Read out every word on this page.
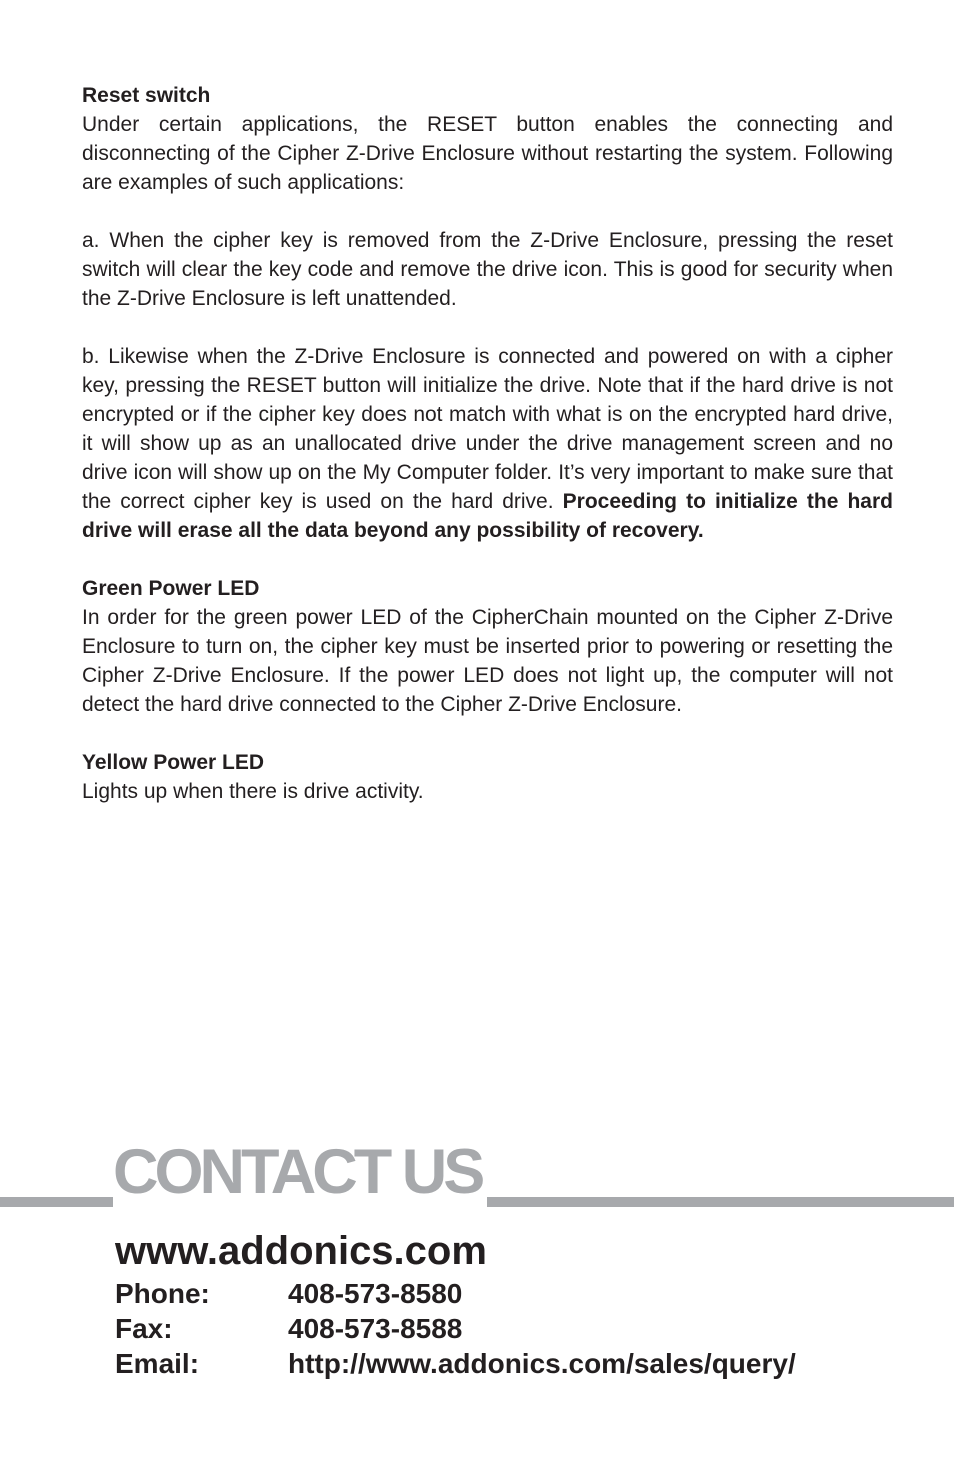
Reset switch

Under certain applications, the RESET button enables the connecting and disconnecting of the Cipher Z-Drive Enclosure without restarting the system. Following are examples of such applications:

a. When the cipher key is removed from the Z-Drive Enclosure, pressing the reset switch will clear the key code and remove the drive icon. This is good for security when the Z-Drive Enclosure is left unattended.

b. Likewise when the Z-Drive Enclosure is connected and powered on with a cipher key, pressing the RESET button will initialize the drive. Note that if the hard drive is not encrypted or if the cipher key does not match with what is on the encrypted hard drive, it will show up as an unallocated drive under the drive management screen and no drive icon will show up on the My Computer folder. It’s very important to make sure that the correct cipher key is used on the hard drive. Proceeding to initialize the hard drive will erase all the data beyond any possibility of recovery.

Green Power LED

In order for the green power LED of the CipherChain mounted on the Cipher Z-Drive Enclosure to turn on, the cipher key must be inserted prior to powering or resetting the Cipher Z-Drive Enclosure. If the power LED does not light up, the computer will not detect the hard drive connected to the Cipher Z-Drive Enclosure.

Yellow Power LED

Lights up when there is drive activity.

CONTACT US

www.addonics.com

Phone:	408-573-8580
Fax:	408-573-8588
Email:	http://www.addonics.com/sales/query/
